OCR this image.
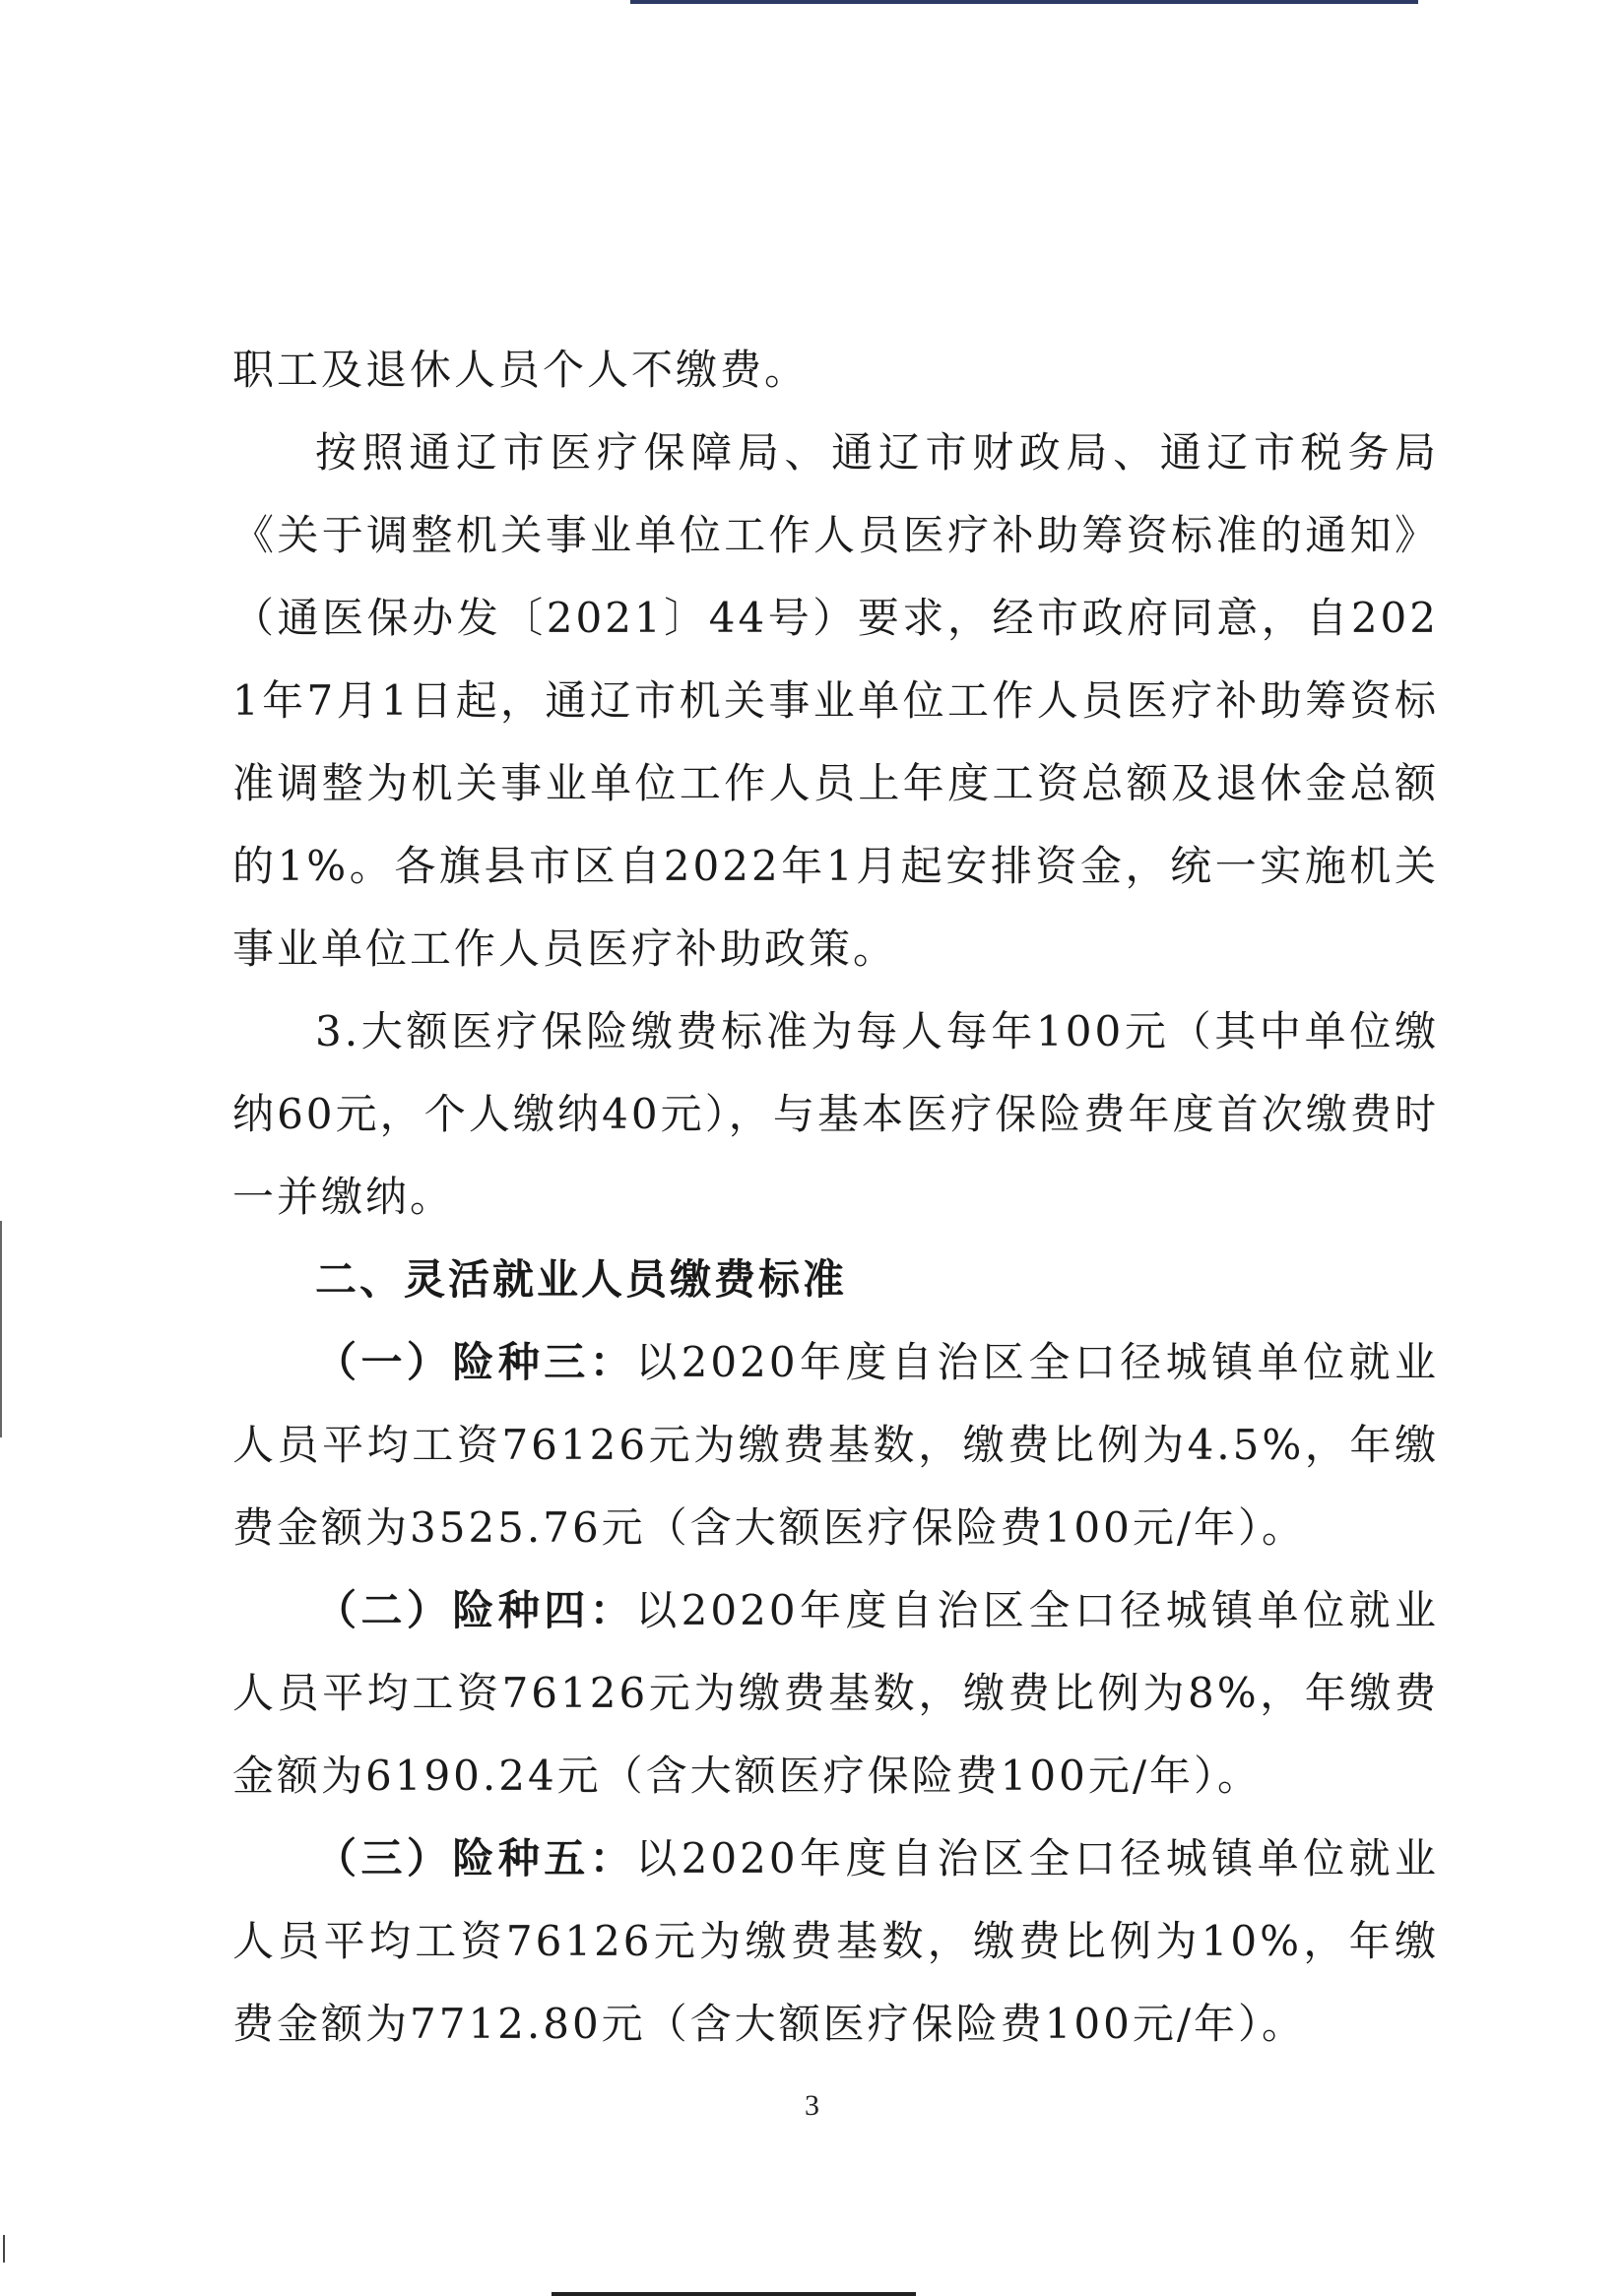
职工及退休人员个人不缴费。

按照通辽市医疗保障局、通辽市财政局、通辽市税务局《关于调整机关事业单位工作人员医疗补助筹资标准的通知》（通医保办发〔2021〕44号）要求，经市政府同意，自2021年7月1日起，通辽市机关事业单位工作人员医疗补助筹资标准调整为机关事业单位工作人员上年度工资总额及退休金总额的1%。各旗县市区自2022年1月起安排资金，统一实施机关事业单位工作人员医疗补助政策。

3.大额医疗保险缴费标准为每人每年100元（其中单位缴纳60元，个人缴纳40元），与基本医疗保险费年度首次缴费时一并缴纳。

二、灵活就业人员缴费标准

（一）险种三：以2020年度自治区全口径城镇单位就业人员平均工资76126元为缴费基数，缴费比例为4.5%，年缴费金额为3525.76元（含大额医疗保险费100元/年）。

（二）险种四：以2020年度自治区全口径城镇单位就业人员平均工资76126元为缴费基数，缴费比例为8%，年缴费金额为6190.24元（含大额医疗保险费100元/年）。

（三）险种五：以2020年度自治区全口径城镇单位就业人员平均工资76126元为缴费基数，缴费比例为10%，年缴费金额为7712.80元（含大额医疗保险费100元/年）。

3
